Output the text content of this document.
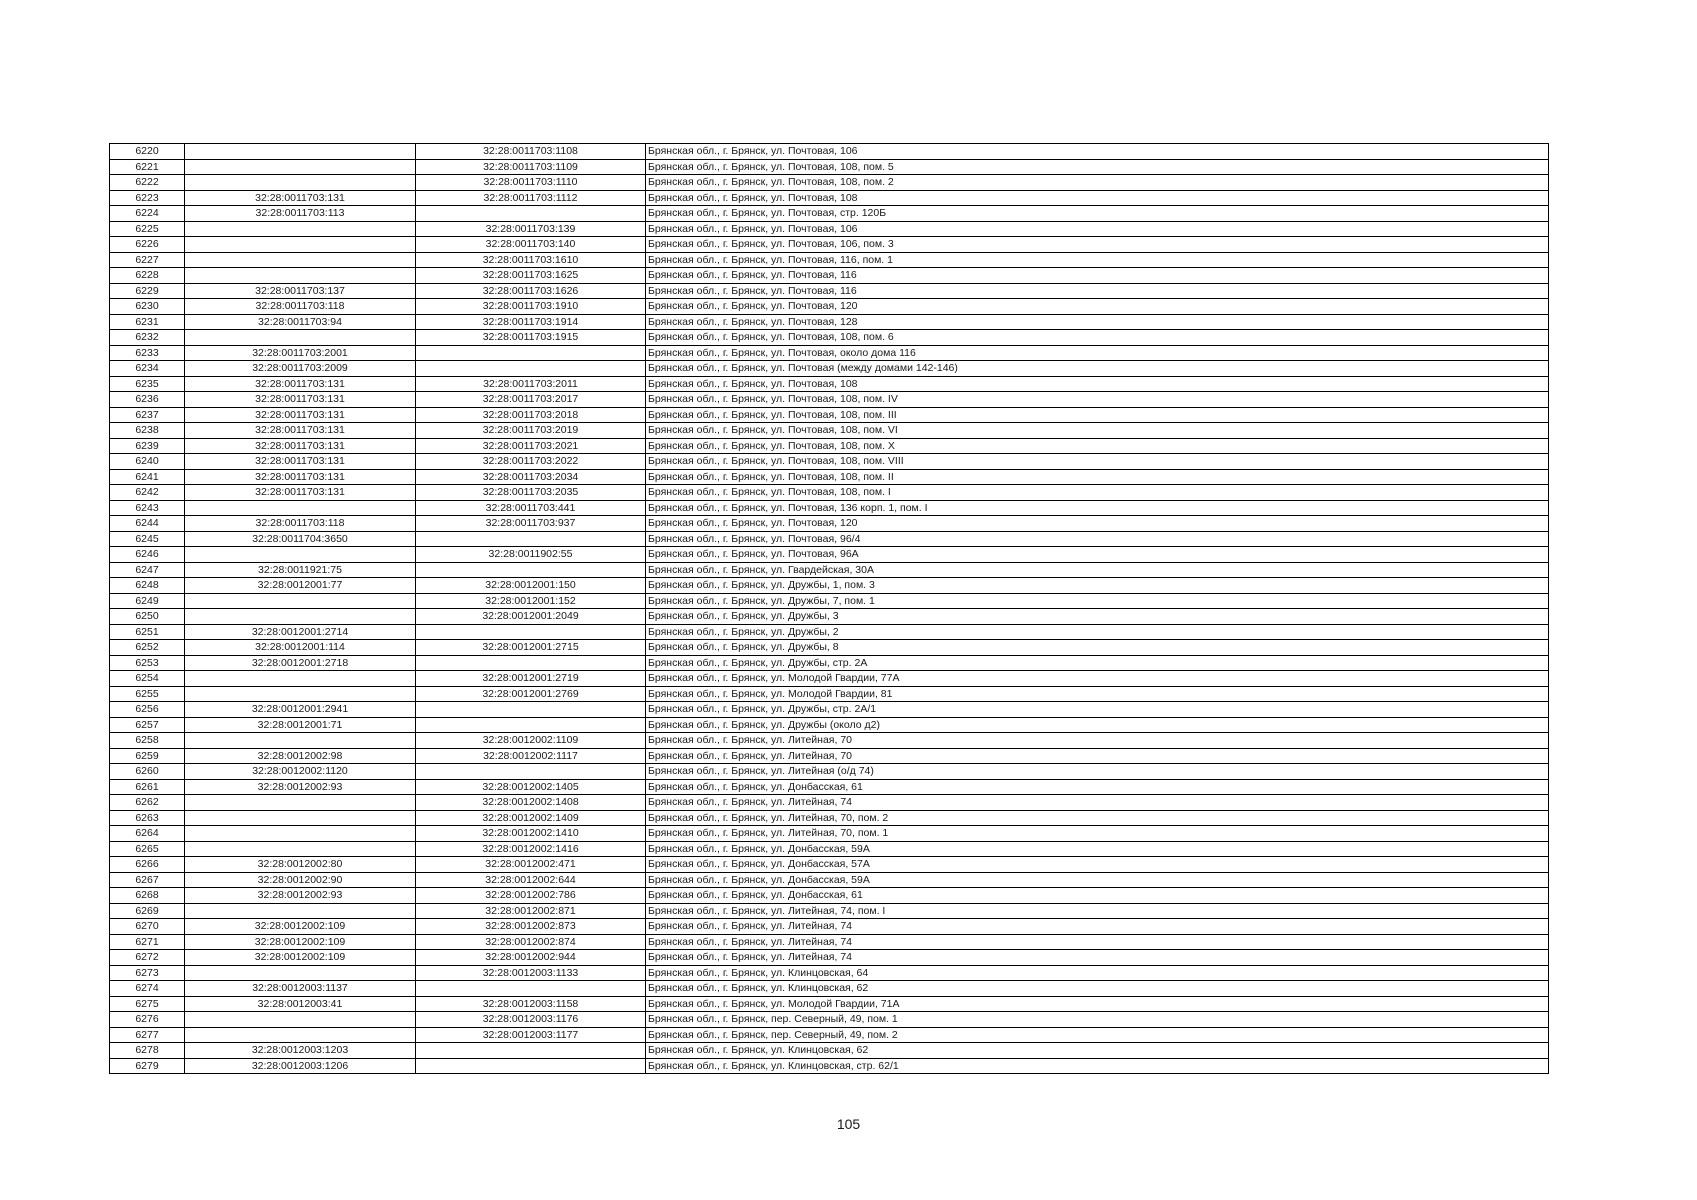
6220		32:28:0011703:1108	Брянская обл., г. Брянск, ул. Почтовая, 106
6221		32:28:0011703:1109	Брянская обл., г. Брянск, ул. Почтовая, 108, пом. 5
6222		32:28:0011703:1110	Брянская обл., г. Брянск, ул. Почтовая, 108, пом. 2
6223	32:28:0011703:131	32:28:0011703:1112	Брянская обл., г. Брянск, ул. Почтовая, 108
6224	32:28:0011703:113		Брянская обл., г. Брянск, ул. Почтовая, стр. 120Б
6225		32:28:0011703:139	Брянская обл., г. Брянск, ул. Почтовая, 106
6226		32:28:0011703:140	Брянская обл., г. Брянск, ул. Почтовая, 106, пом. 3
6227		32:28:0011703:1610	Брянская обл., г. Брянск, ул. Почтовая, 116, пом. 1
6228		32:28:0011703:1625	Брянская обл., г. Брянск, ул. Почтовая, 116
6229	32:28:0011703:137	32:28:0011703:1626	Брянская обл., г. Брянск, ул. Почтовая, 116
6230	32:28:0011703:118	32:28:0011703:1910	Брянская обл., г. Брянск, ул. Почтовая, 120
6231	32:28:0011703:94	32:28:0011703:1914	Брянская обл., г. Брянск, ул. Почтовая, 128
6232		32:28:0011703:1915	Брянская обл., г. Брянск, ул. Почтовая, 108, пом. 6
6233	32:28:0011703:2001		Брянская обл., г. Брянск, ул. Почтовая, около дома 116
6234	32:28:0011703:2009		Брянская обл., г. Брянск, ул. Почтовая (между домами 142-146)
6235	32:28:0011703:131	32:28:0011703:2011	Брянская обл., г. Брянск, ул. Почтовая, 108
6236	32:28:0011703:131	32:28:0011703:2017	Брянская обл., г. Брянск, ул. Почтовая, 108, пом. IV
6237	32:28:0011703:131	32:28:0011703:2018	Брянская обл., г. Брянск, ул. Почтовая, 108, пом. III
6238	32:28:0011703:131	32:28:0011703:2019	Брянская обл., г. Брянск, ул. Почтовая, 108, пом. VI
6239	32:28:0011703:131	32:28:0011703:2021	Брянская обл., г. Брянск, ул. Почтовая, 108, пом. X
6240	32:28:0011703:131	32:28:0011703:2022	Брянская обл., г. Брянск, ул. Почтовая, 108, пом. VIII
6241	32:28:0011703:131	32:28:0011703:2034	Брянская обл., г. Брянск, ул. Почтовая, 108, пом. II
6242	32:28:0011703:131	32:28:0011703:2035	Брянская обл., г. Брянск, ул. Почтовая, 108, пом. I
6243		32:28:0011703:441	Брянская обл., г. Брянск, ул. Почтовая, 136 корп. 1, пом. I
6244	32:28:0011703:118	32:28:0011703:937	Брянская обл., г. Брянск, ул. Почтовая, 120
6245	32:28:0011704:3650		Брянская обл., г. Брянск, ул. Почтовая, 96/4
6246		32:28:0011902:55	Брянская обл., г. Брянск, ул. Почтовая, 96А
6247	32:28:0011921:75		Брянская обл., г. Брянск, ул. Гвардейская, 30А
6248	32:28:0012001:77	32:28:0012001:150	Брянская обл., г. Брянск, ул. Дружбы, 1, пом. 3
6249		32:28:0012001:152	Брянская обл., г. Брянск, ул. Дружбы, 7, пом. 1
6250		32:28:0012001:2049	Брянская обл., г. Брянск, ул. Дружбы, 3
6251	32:28:0012001:2714		Брянская обл., г. Брянск, ул. Дружбы, 2
6252	32:28:0012001:114	32:28:0012001:2715	Брянская обл., г. Брянск, ул. Дружбы, 8
6253	32:28:0012001:2718		Брянская обл., г. Брянск, ул. Дружбы, стр. 2А
6254		32:28:0012001:2719	Брянская обл., г. Брянск, ул. Молодой Гвардии, 77А
6255		32:28:0012001:2769	Брянская обл., г. Брянск, ул. Молодой Гвардии, 81
6256	32:28:0012001:2941		Брянская обл., г. Брянск, ул. Дружбы, стр. 2А/1
6257	32:28:0012001:71		Брянская обл., г. Брянск, ул. Дружбы (около д2)
6258		32:28:0012002:1109	Брянская обл., г. Брянск, ул. Литейная, 70
6259	32:28:0012002:98	32:28:0012002:1117	Брянская обл., г. Брянск, ул. Литейная, 70
6260	32:28:0012002:1120		Брянская обл., г. Брянск, ул. Литейная (о/д 74)
6261	32:28:0012002:93	32:28:0012002:1405	Брянская обл., г. Брянск, ул. Донбасская, 61
6262		32:28:0012002:1408	Брянская обл., г. Брянск, ул. Литейная, 74
6263		32:28:0012002:1409	Брянская обл., г. Брянск, ул. Литейная, 70, пом. 2
6264		32:28:0012002:1410	Брянская обл., г. Брянск, ул. Литейная, 70, пом. 1
6265		32:28:0012002:1416	Брянская обл., г. Брянск, ул. Донбасская, 59А
6266	32:28:0012002:80	32:28:0012002:471	Брянская обл., г. Брянск, ул. Донбасская, 57А
6267	32:28:0012002:90	32:28:0012002:644	Брянская обл., г. Брянск, ул. Донбасская, 59А
6268	32:28:0012002:93	32:28:0012002:786	Брянская обл., г. Брянск, ул. Донбасская, 61
6269		32:28:0012002:871	Брянская обл., г. Брянск, ул. Литейная, 74, пом. I
6270	32:28:0012002:109	32:28:0012002:873	Брянская обл., г. Брянск, ул. Литейная, 74
6271	32:28:0012002:109	32:28:0012002:874	Брянская обл., г. Брянск, ул. Литейная, 74
6272	32:28:0012002:109	32:28:0012002:944	Брянская обл., г. Брянск, ул. Литейная, 74
6273		32:28:0012003:1133	Брянская обл., г. Брянск, ул. Клинцовская, 64
6274	32:28:0012003:1137		Брянская обл., г. Брянск, ул. Клинцовская, 62
6275	32:28:0012003:41	32:28:0012003:1158	Брянская обл., г. Брянск, ул. Молодой Гвардии, 71А
6276		32:28:0012003:1176	Брянская обл., г. Брянск, пер. Северный, 49, пом. 1
6277		32:28:0012003:1177	Брянская обл., г. Брянск, пер. Северный, 49, пом. 2
6278	32:28:0012003:1203		Брянская обл., г. Брянск, ул. Клинцовская, 62
6279	32:28:0012003:1206		Брянская обл., г. Брянск, ул. Клинцовская, стр. 62/1
105
